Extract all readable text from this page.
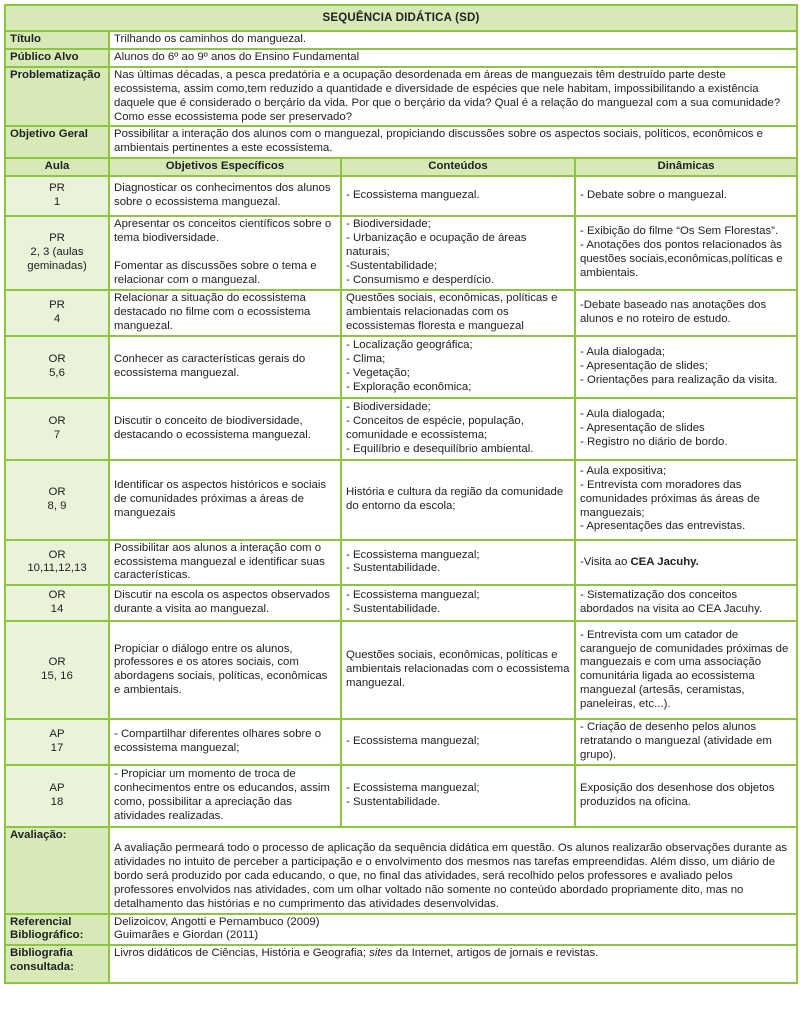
SEQUÊNCIA DIDÁTICA (SD)			
Título	Trilhando os caminhos do manguezal.		
Público Alvo	Alunos do 6º ao 9º anos do Ensino Fundamental		
Problematização	Nas últimas décadas, a pesca predatória e a ocupação desordenada em áreas de manguezais têm destruído parte deste ecossistema, assim como,tem reduzido a quantidade e diversidade de espécies que nele habitam, impossibilitando a existência daquele que é considerado o berçário da vida. Por que o berçário da vida? Qual é a relação do manguezal com a sua comunidade? Como esse ecossistema pode ser preservado?		
Objetivo Geral	Possibilitar a interação dos alunos com o manguezal, propiciando discussões sobre os aspectos sociais, políticos, econômicos e ambientais pertinentes a este ecossistema.		
Aula	Objetivos Específicos	Conteúdos	Dinâmicas

PR
1	Diagnosticar os conhecimentos dos alunos sobre o ecossistema manguezal.	- Ecossistema manguezal.	- Debate sobre o manguezal.

PR
2, 3 (aulas geminadas)	Apresentar os conceitos científicos sobre o tema biodiversidade.
Fomentar as discussões sobre o tema e relacionar com o manguezal.	- Biodiversidade;
- Urbanização e ocupação de áreas naturais;
-Sustentabilidade;
- Consumismo e desperdício.	- Exibição do filme “Os Sem Florestas”.
- Anotações dos pontos relacionados às questões sociais,econômicas,políticas e ambientais.

PR
4	Relacionar a situação do ecossistema destacado no filme com o ecossistema manguezal.	Questões sociais, econômicas, políticas e ambientais relacionadas com os ecossistemas floresta e manguezal	-Debate baseado nas anotações dos alunos e no roteiro de estudo.

OR
5,6	Conhecer as características gerais do ecossistema manguezal.	- Localização geográfica;
- Clima;
- Vegetação;
- Exploração econômica;	- Aula dialogada;
- Apresentação de slides;
- Orientações para realização da visita.

OR
7	Discutir o conceito de biodiversidade, destacando o ecossistema manguezal.	- Biodiversidade;
- Conceitos de espécie, população, comunidade e ecossistema;
- Equilíbrio e desequilíbrio ambiental.	- Aula dialogada;
- Apresentação de slides
- Registro no diário de bordo.

OR
8, 9	Identificar os aspectos históricos e sociais de comunidades próximas a áreas de manguezais	História e cultura da região da comunidade do entorno da escola;	- Aula expositiva;
- Entrevista com moradores das comunidades próximas ás áreas de manguezais;
- Apresentações das entrevistas.

OR
10,11,12,13	Possibilitar aos alunos a interação com o ecossistema manguezal e identificar suas características.	- Ecossistema manguezal;
- Sustentabilidade.	-Visita ao CEA Jacuhy.

OR
14	Discutir na escola os aspectos observados durante a visita ao manguezal.	- Ecossistema manguezal;
- Sustentabilidade.	- Sistematização dos conceitos abordados na visita ao CEA Jacuhy.

OR
15, 16	Propiciar o diálogo entre os alunos, professores e os atores sociais, com abordagens sociais, políticas, econômicas e ambientais.	Questões sociais, econômicas, políticas e ambientais relacionadas com o ecossistema manguezal.	- Entrevista com um catador de caranguejo de comunidades próximas de manguezais e com uma associação comunitária ligada ao ecossistema manguezal (artesãs, ceramistas, paneleiras, etc...).

AP
17	- Compartilhar diferentes olhares sobre o ecossistema manguezal;	- Ecossistema manguezal;	- Criação de desenho pelos alunos retratando o manguezal (atividade em grupo).

AP
18	- Propiciar um momento de troca de conhecimentos entre os educandos, assim como, possibilitar a apreciação das atividades realizadas.	- Ecossistema manguezal;
- Sustentabilidade.	Exposição dos desenhose dos objetos produzidos na oficina.

Avaliação:	A avaliação permeará todo o processo de aplicação da sequência didática em questão. Os alunos realizarão observações durante as atividades no intuito de perceber a participação e o envolvimento dos mesmos nas tarefas empreendidas. Além disso, um diário de bordo será produzido por cada educando, o que, no final das atividades, será recolhido pelos professores e avaliado pelos professores envolvidos nas atividades, com um olhar voltado não somente no conteúdo abordado propriamente dito, mas no detalhamento das histórias e no cumprimento das atividades desenvolvidas.		
Referencial Bibliográfico:	Delizoicov, Angotti e Pernambuco (2009)
Guimarães e Giordan (2011)		

Bibliografia consultada:	Livros didáticos de Ciências, História e Geografia; sites da Internet, artigos de jornais e revistas.		
